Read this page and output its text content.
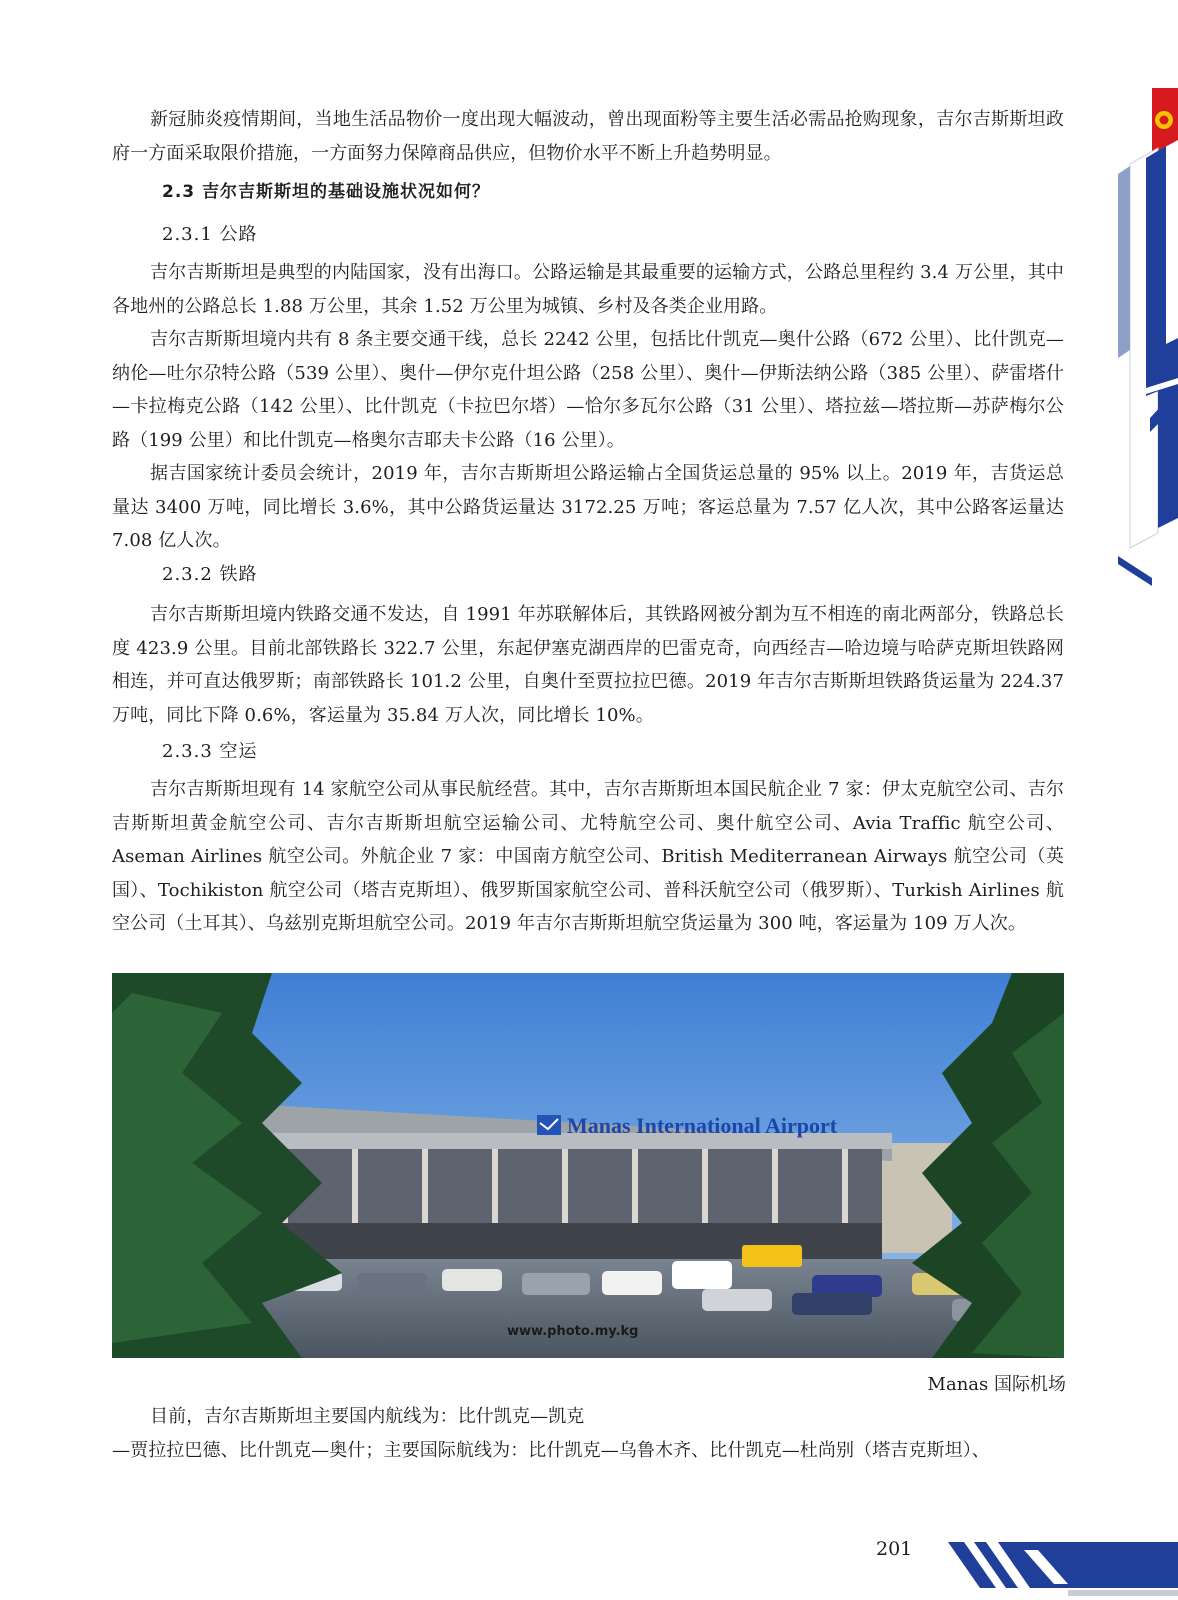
新冠肺炎疫情期间，当地生活品物价一度出现大幅波动，曾出现面粉等主要生活必需品抢购现象，吉尔吉斯斯坦政府一方面采取限价措施，一方面努力保障商品供应，但物价水平不断上升趋势明显。

2.3 吉尔吉斯斯坦的基础设施状况如何？
2.3.1 公路

吉尔吉斯斯坦是典型的内陆国家，没有出海口。公路运输是其最重要的运输方式，公路总里程约 3.4 万公里，其中各地州的公路总长 1.88 万公里，其余 1.52 万公里为城镇、乡村及各类企业用路。

吉尔吉斯斯坦境内共有 8 条主要交通干线，总长 2242 公里，包括比什凯克—奥什公路（672 公里）、比什凯克—纳伦—吐尔尕特公路（539 公里）、奥什—伊尔克什坦公路（258 公里）、奥什—伊斯法纳公路（385 公里）、萨雷塔什—卡拉梅克公路（142 公里）、比什凯克（卡拉巴尔塔）—恰尔多瓦尔公路（31 公里）、塔拉兹—塔拉斯—苏萨梅尔公路（199 公里）和比什凯克—格奥尔吉耶夫卡公路（16 公里）。

据吉国家统计委员会统计，2019 年，吉尔吉斯斯坦公路运输占全国货运总量的 95% 以上。2019 年，吉货运总量达 3400 万吨，同比增长 3.6%，其中公路货运量达 3172.25 万吨；客运总量为 7.57 亿人次，其中公路客运量达 7.08 亿人次。

2.3.2 铁路

吉尔吉斯斯坦境内铁路交通不发达，自 1991 年苏联解体后，其铁路网被分割为互不相连的南北两部分，铁路总长度 423.9 公里。目前北部铁路长 322.7 公里，东起伊塞克湖西岸的巴雷克奇，向西经吉—哈边境与哈萨克斯坦铁路网相连，并可直达俄罗斯；南部铁路长 101.2 公里，自奥什至贾拉拉巴德。2019 年吉尔吉斯斯坦铁路货运量为 224.37 万吨，同比下降 0.6%，客运量为 35.84 万人次，同比增长 10%。

2.3.3 空运

吉尔吉斯斯坦现有 14 家航空公司从事民航经营。其中，吉尔吉斯斯坦本国民航企业 7 家：伊太克航空公司、吉尔吉斯斯坦黄金航空公司、吉尔吉斯斯坦航空运输公司、尤特航空公司、奥什航空公司、Avia Traffic 航空公司、Aseman Airlines 航空公司。外航企业 7 家：中国南方航空公司、British Mediterranean Airways 航空公司（英国）、Tochikiston 航空公司（塔吉克斯坦）、俄罗斯国家航空公司、普科沃航空公司（俄罗斯）、Turkish Airlines 航空公司（土耳其）、乌兹别克斯坦航空公司。2019 年吉尔吉斯斯坦航空货运量为 300 吨，客运量为 109 万人次。

Manas International Airport
www.photo.my.kg
Manas 国际机场

目前，吉尔吉斯斯坦主要国内航线为：比什凯克—凯克

—贾拉拉巴德、比什凯克—奥什；主要国际航线为：比什凯克—乌鲁木齐、比什凯克—杜尚别（塔吉克斯坦）、

201
